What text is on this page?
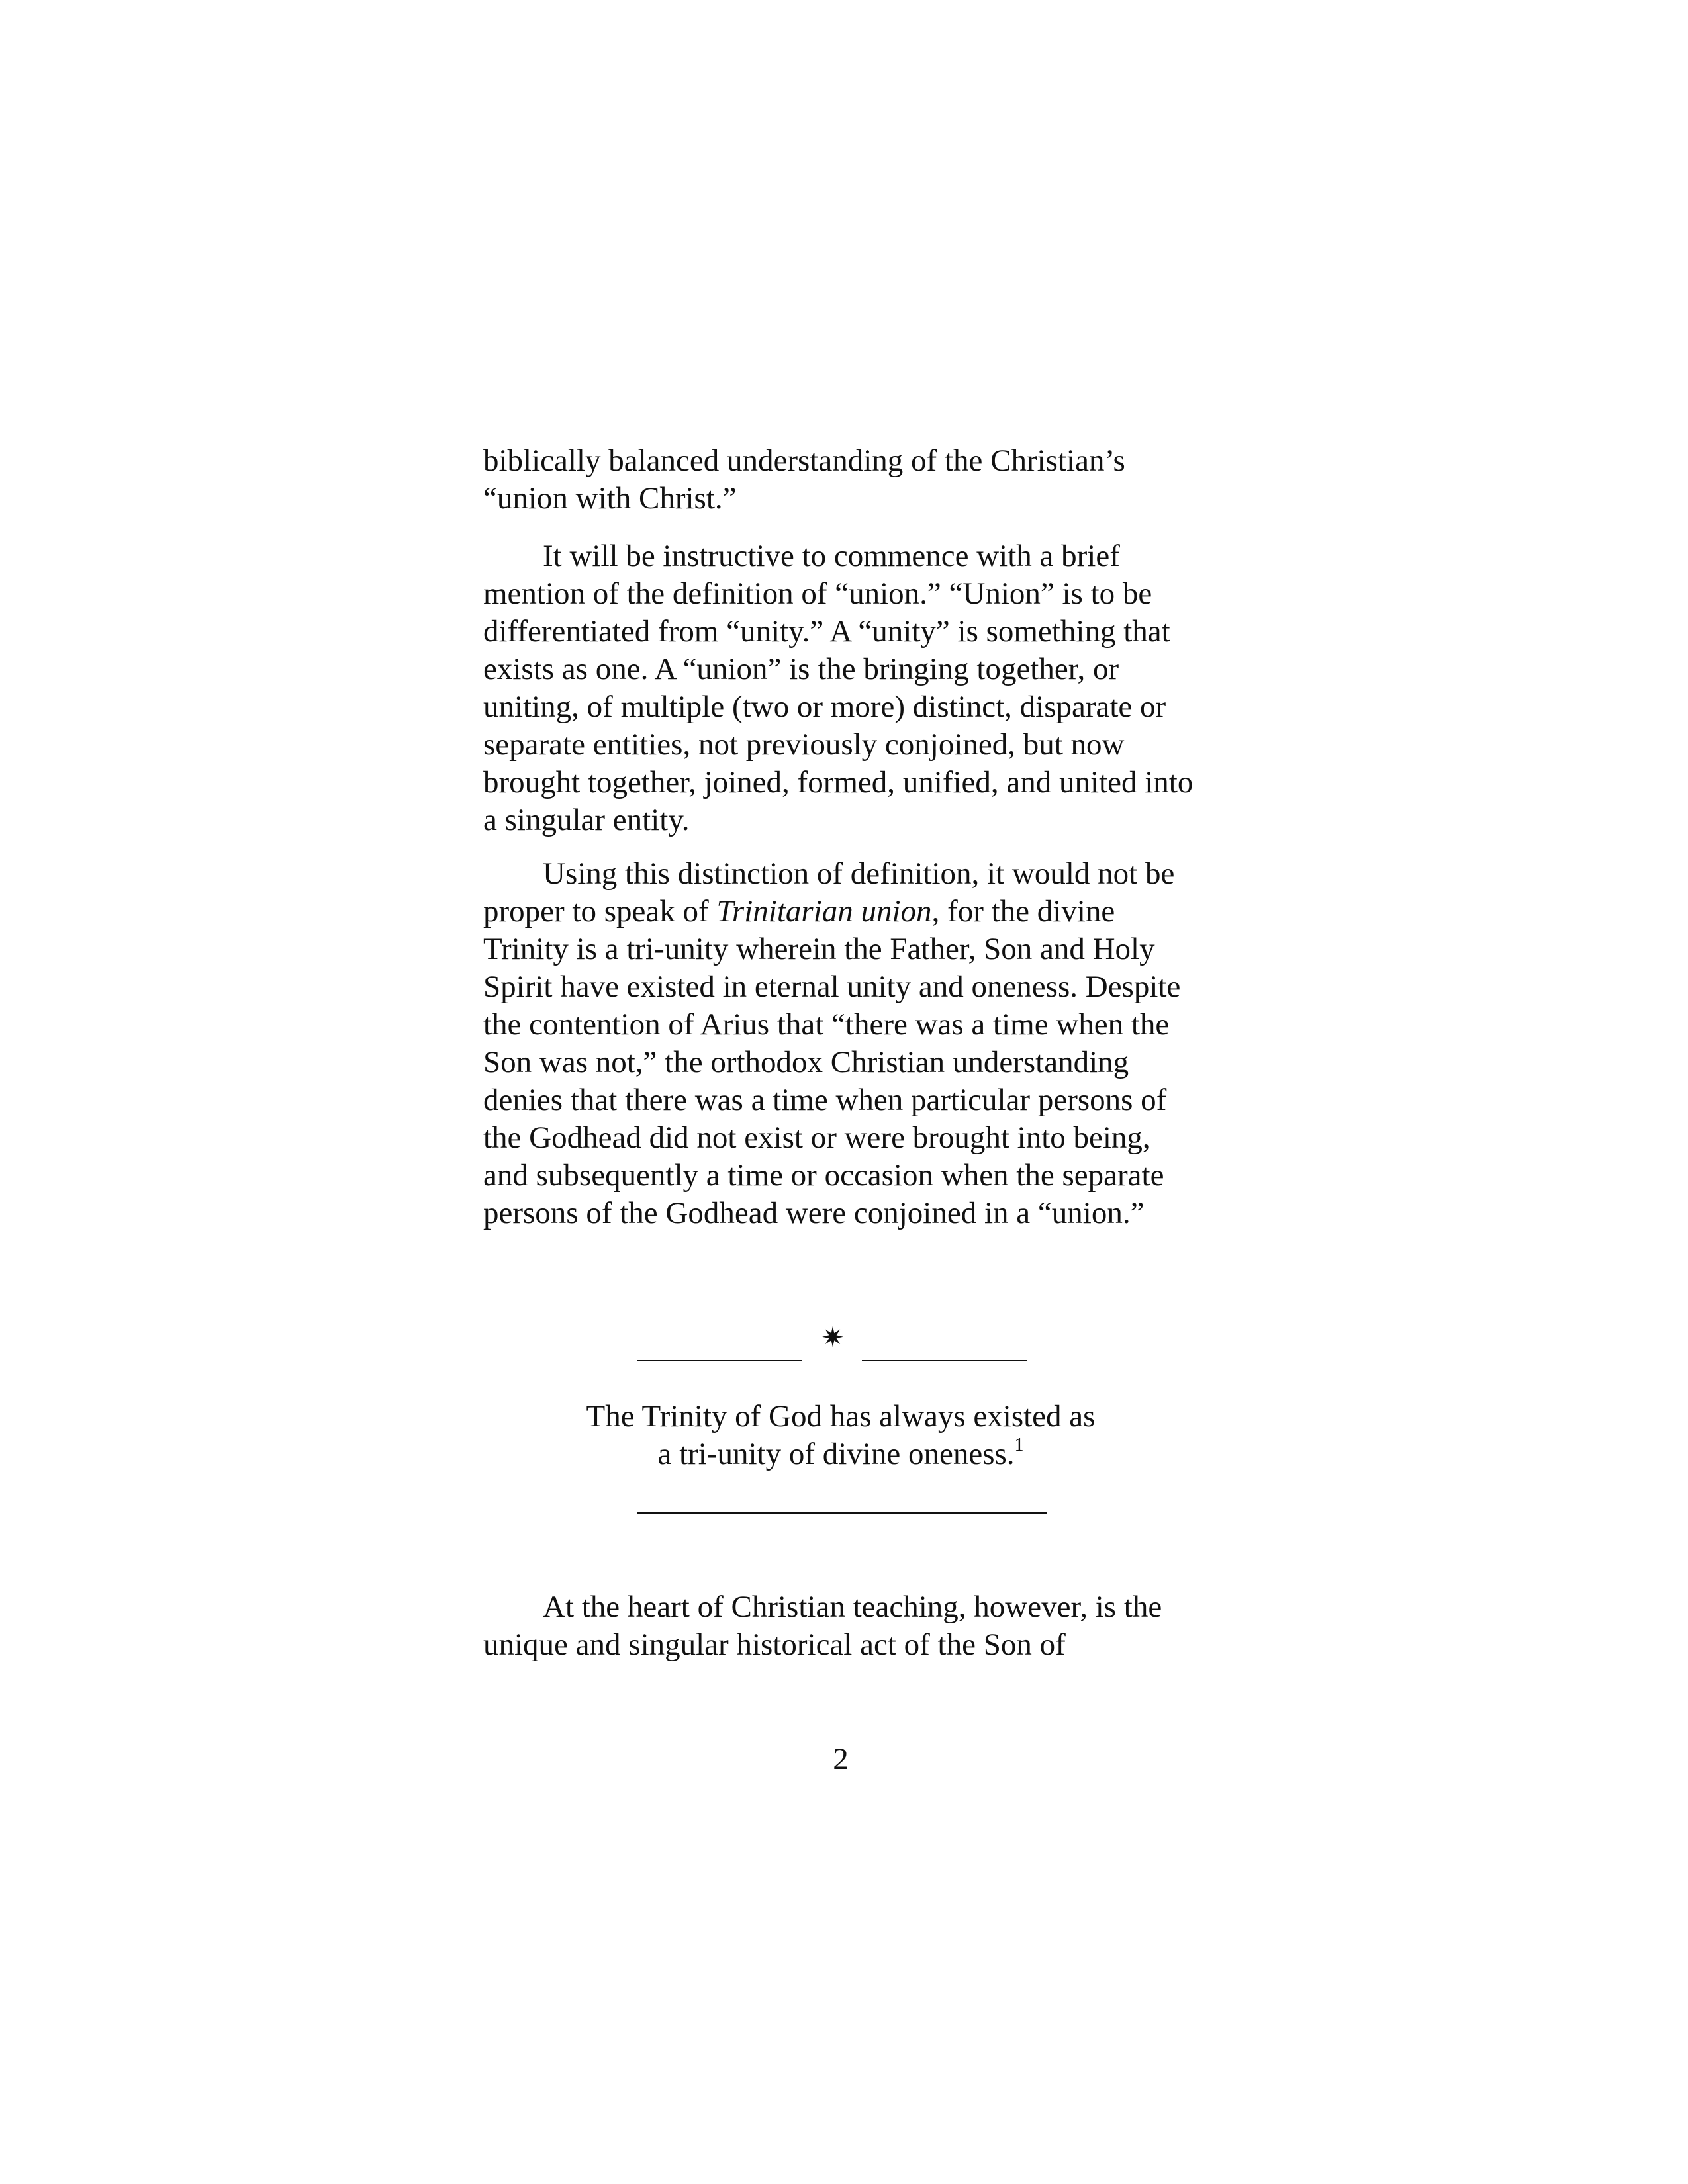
biblically balanced understanding of the Christian’s “union with Christ.”

It will be instructive to commence with a brief mention of the definition of “union.” “Union” is to be differentiated from “unity.” A “unity” is something that exists as one. A “union” is the bringing together, or uniting, of multiple (two or more) distinct, disparate or separate entities, not previously conjoined, but now brought together, joined, formed, unified, and united into a singular entity.

Using this distinction of definition, it would not be proper to speak of Trinitarian union, for the divine Trinity is a tri-unity wherein the Father, Son and Holy Spirit have existed in eternal unity and oneness. Despite the contention of Arius that “there was a time when the Son was not,” the orthodox Christian understanding denies that there was a time when particular persons of the Godhead did not exist or were brought into being, and subsequently a time or occasion when the separate persons of the Godhead were conjoined in a “union.”

✷

The Trinity of God has always existed as
a tri-unity of divine oneness.$^1$

At the heart of Christian teaching, however, is the unique and singular historical act of the Son of

2
